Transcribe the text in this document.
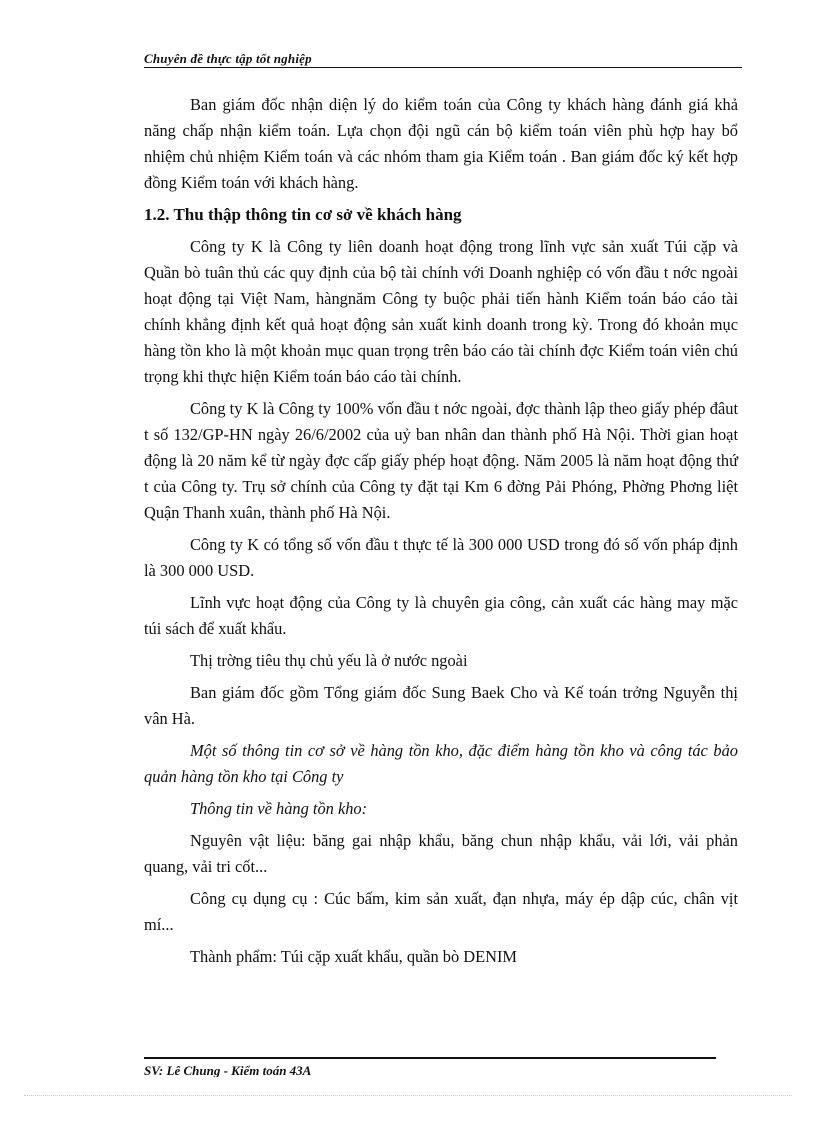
Chuyên đề thực tập tốt nghiệp

Ban giám đốc nhận diện lý do kiểm toán của Công ty khách hàng đánh giá khả năng chấp nhận kiểm toán. Lựa chọn đội ngũ cán bộ kiểm toán viên phù hợp hay bổ nhiệm chủ nhiệm Kiểm toán và các nhóm tham gia Kiểm toán . Ban giám đốc ký kết hợp đồng Kiểm toán với khách hàng.

1.2. Thu thập thông tin cơ sở về khách hàng

Công ty K là Công ty liên doanh hoạt động trong lĩnh vực sản xuất Túi cặp và Quần bò tuân thủ các quy định của bộ tài chính với Doanh nghiệp có vốn đầu t nớc ngoài hoạt động tại Việt Nam, hàngnăm Công ty buộc phải tiến hành Kiểm toán báo cáo tài chính khẳng định kết quả hoạt động sản xuất kinh doanh trong kỳ. Trong đó khoản mục hàng tồn kho là một khoản mục quan trọng trên báo cáo tài chính đợc Kiểm toán viên chú trọng khi thực hiện Kiểm toán báo cáo tài chính.

Công ty K là Công ty 100% vốn đầu t nớc ngoài, đợc thành lập theo giấy phép đâut t số 132/GP-HN ngày 26/6/2002 của uỷ ban nhân dan thành phố Hà Nội. Thời gian hoạt động là 20 năm kể từ ngày đợc cấp giấy phép hoạt động. Năm 2005 là năm hoạt động thứ t của Công ty. Trụ sở chính của Công ty đặt tại Km 6 đờng Pải Phóng, Phờng Phơng liệt Quận Thanh xuân, thành phố Hà Nội.

Công ty K có tổng số vốn đầu t thực tế là 300 000 USD trong đó số vốn pháp định là 300 000 USD.

Lĩnh vực hoạt động của Công ty là chuyên gia công, cản xuất các hàng may mặc túi sách để xuất khẩu.

Thị trờng tiêu thụ chủ yếu là ở nước ngoài

Ban giám đốc gồm Tổng giám đốc Sung Baek Cho và Kế toán trởng Nguyễn thị vân Hà.

Một số thông tin cơ sở về hàng tồn kho, đặc điểm hàng tồn kho và công tác bảo quản hàng tồn kho tại Công ty

Thông tin về hàng tồn kho:

Nguyên vật liệu: băng gai nhập khẩu, băng chun nhập khẩu, vải lới, vải phản quang, vải tri cốt...

Công cụ dụng cụ : Cúc bấm, kim sản xuất, đạn nhựa, máy ép dập cúc, chân vịt mí...

Thành phẩm: Túi cặp xuất khẩu, quần bò DENIM

SV: Lê Chung - Kiểm toán 43A
